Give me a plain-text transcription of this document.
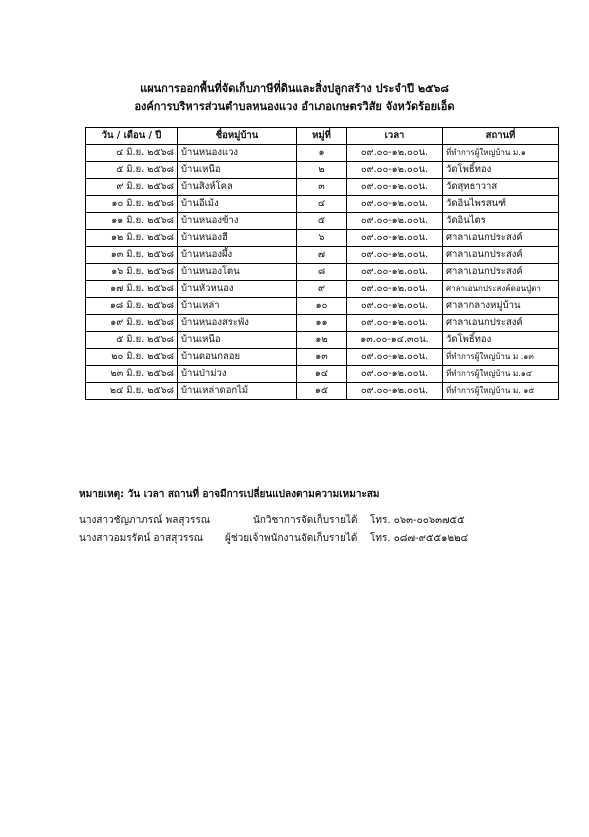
แผนการออกพื้นที่จัดเก็บภาษีที่ดินและสิ่งปลูกสร้าง ประจำปี ๒๕๖๘
องค์การบริหารส่วนตำบลหนองแวง อำเภอเกษตรวิสัย จังหวัดร้อยเอ็ด
วัน / เดือน / ปี	ชื่อหมู่บ้าน	หมู่ที่	เวลา	สถานที่
๔ มิ.ย. ๒๕๖๘	บ้านหนองแวง	๑	๐๙.๐๐-๑๒.๐๐น.	ที่ทำการผู้ใหญ่บ้าน ม.๑
๕ มิ.ย. ๒๕๖๘	บ้านเหนือ	๒	๐๙.๐๐-๑๒.๐๐น.	วัดโพธิ์ทอง
๙ มิ.ย. ๒๕๖๘	บ้านสิงห์โคล	๓	๐๙.๐๐-๑๒.๐๐น.	วัดสุทธาวาส
๑๐ มิ.ย. ๒๕๖๘	บ้านอีเม้ง	๔	๐๙.๐๐-๑๒.๐๐น.	วัดอินไพรสนฑ์
๑๑ มิ.ย. ๒๕๖๘	บ้านหนองข้าง	๕	๐๙.๐๐-๑๒.๐๐น.	วัดอินไตร
๑๒ มิ.ย. ๒๕๖๘	บ้านหนองฮี	๖	๐๙.๐๐-๑๒.๐๐น.	ศาลาเอนกประสงค์
๑๓ มิ.ย. ๒๕๖๘	บ้านหนองผึ้ง	๗	๐๙.๐๐-๑๒.๐๐น.	ศาลาเอนกประสงค์
๑๖ มิ.ย. ๒๕๖๘	บ้านหนองโตน	๘	๐๙.๐๐-๑๒.๐๐น.	ศาลาเอนกประสงค์
๑๗ มิ.ย. ๒๕๖๘	บ้านหัวหนอง	๙	๐๙.๐๐-๑๒.๐๐น.	ศาลาเอนกประสงค์ดอนปู่ตา
๑๘ มิ.ย. ๒๕๖๘	บ้านเหล่า	๑๐	๐๙.๐๐-๑๒.๐๐น.	ศาลากลางหมู่บ้าน
๑๙ มิ.ย. ๒๕๖๘	บ้านหนองสระพัง	๑๑	๐๙.๐๐-๑๒.๐๐น.	ศาลาเอนกประสงค์
๕ มิ.ย. ๒๕๖๘	บ้านเหนือ	๑๒	๑๓.๐๐-๑๔.๓๐น.	วัดโพธิ์ทอง
๒๐ มิ.ย. ๒๕๖๘	บ้านดอนกลอย	๑๓	๐๙.๐๐-๑๒.๐๐น.	ที่ทำการผู้ใหญ่บ้าน ม .๑๓
๒๓ มิ.ย. ๒๕๖๘	บ้านป่าม่วง	๑๔	๐๙.๐๐-๑๒.๐๐น.	ที่ทำการผู้ใหญ่บ้าน ม.๑๔
๒๔ มิ.ย. ๒๕๖๘	บ้านเหล่าดอกไม้	๑๕	๐๙.๐๐-๑๒.๐๐น.	ที่ทำการผู้ใหญ่บ้าน ม. ๑๕
หมายเหตุ: วัน เวลา สถานที่ อาจมีการเปลี่ยนแปลงตามความเหมาะสม
นางสาวชัญภาภรณ์ พลสุวรรณ	นักวิชาการจัดเก็บรายได้ โทร. ๐๖๓-๐๐๖๓๗๕๕
นางสาวอมรรัตน์ อาสสุวรรณ ผู้ช่วยเจ้าพนักงานจัดเก็บรายได้ โทร. ๐๘๗-๙๕๕๑๒๒๔
